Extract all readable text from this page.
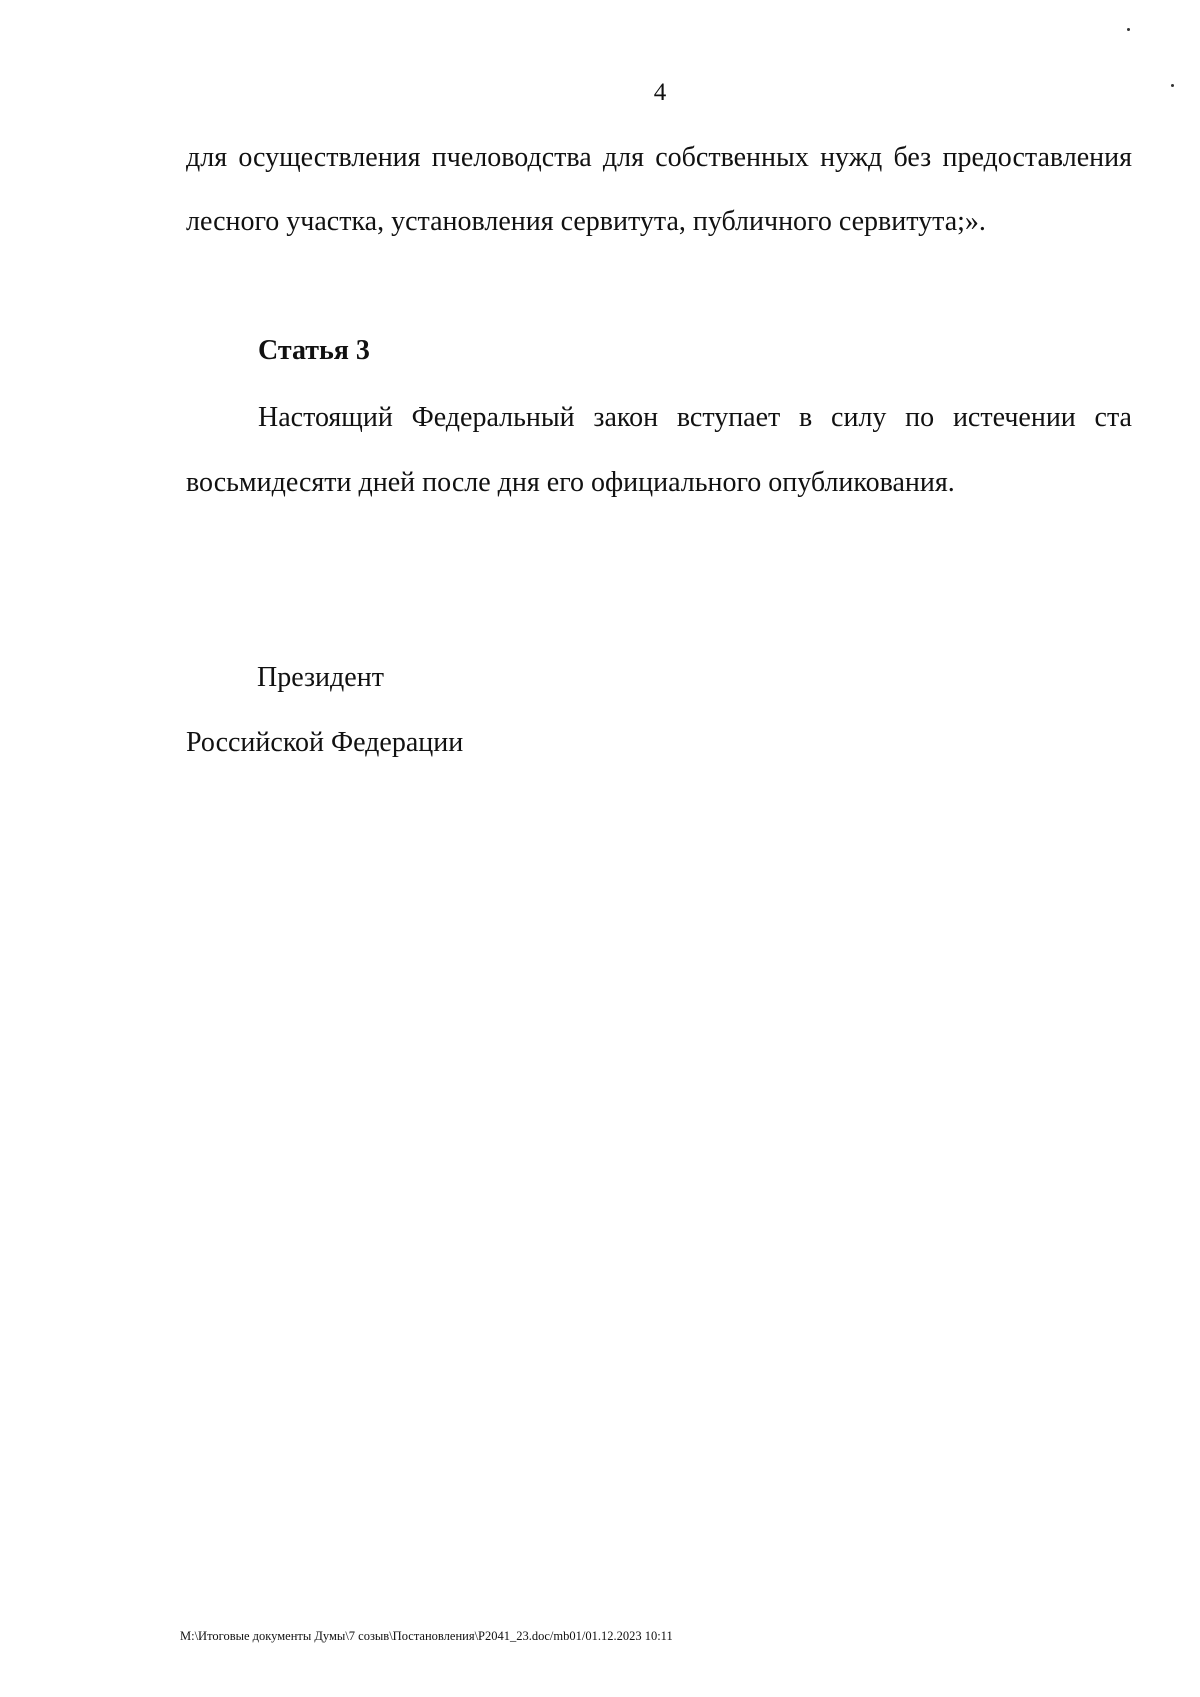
4
для осуществления пчеловодства для собственных нужд без предоставления
лесного участка, установления сервитута, публичного сервитута;».
Статья 3
Настоящий Федеральный закон вступает в силу по истечении ста
восьмидесяти дней после дня его официального опубликования.
Президент
Российской Федерации
M:\Итоговые документы Думы\7 созыв\Постановления\P2041_23.doc/mb01/01.12.2023 10:11
